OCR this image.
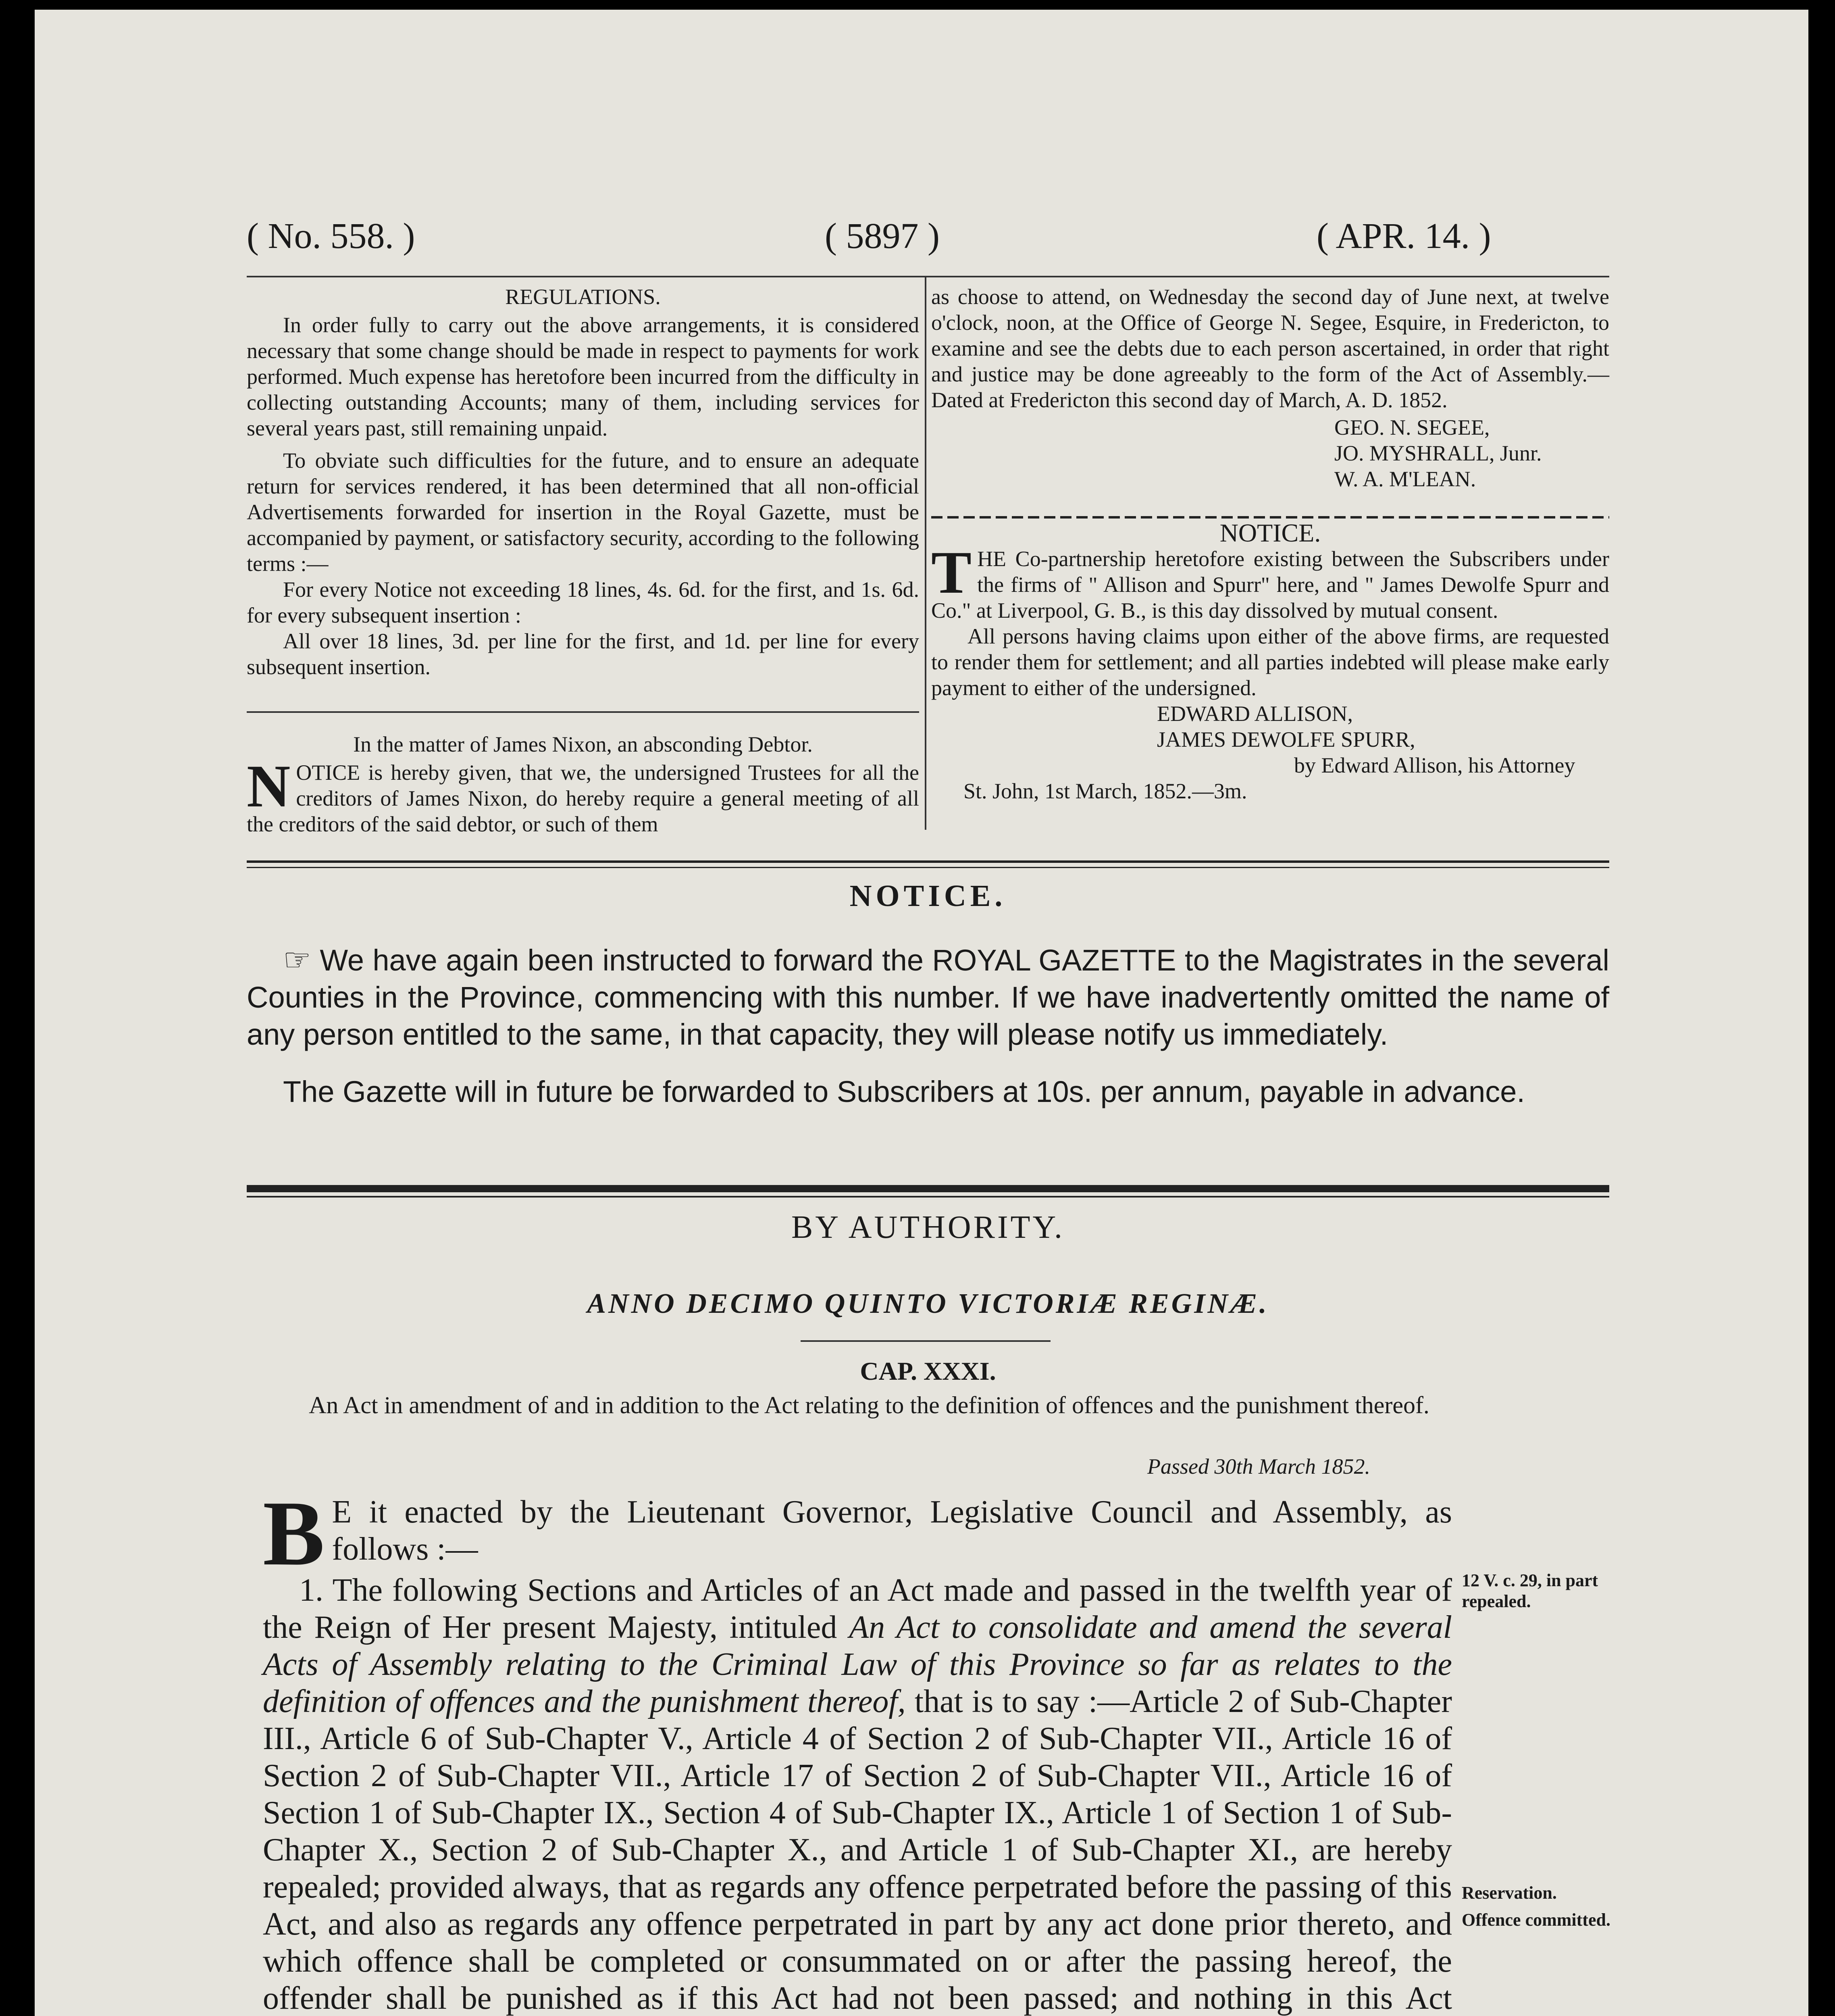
( No. 558. )	( 5897 )	( APR. 14. )
REGULATIONS.

In order fully to carry out the above arrangements, it is considered necessary that some change should be made in respect to payments for work performed. Much expense has heretofore been incurred from the difficulty in collecting outstanding Accounts; many of them, including services for several years past, still remaining unpaid.

To obviate such difficulties for the future, and to ensure an adequate return for services rendered, it has been determined that all non-official Advertisements forwarded for insertion in the Royal Gazette, must be accompanied by payment, or satisfactory security, according to the following terms :—

For every Notice not exceeding 18 lines, 4s. 6d. for the first, and 1s. 6d. for every subsequent insertion :

All over 18 lines, 3d. per line for the first, and 1d. per line for every subsequent insertion.

In the matter of James Nixon, an absconding Debtor.
N OTICE is hereby given, that we, the undersigned Trustees for all the creditors of James Nixon, do hereby require a general meeting of all the creditors of the said debtor, or such of them

as choose to attend, on Wednesday the second day of June next, at twelve o'clock, noon, at the Office of George N. Segee, Esquire, in Fredericton, to examine and see the debts due to each person ascertained, in order that right and justice may be done agreeably to the form of the Act of Assembly.—Dated at Fredericton this second day of March, A. D. 1852.

GEO. N. SEGEE,
JO. MYSHRALL, Junr.
W. A. M'LEAN.
NOTICE.
T HE Co-partnership heretofore existing between the Subscribers under the firms of " Allison and Spurr" here, and " James Dewolfe Spurr and Co." at Liverpool, G. B., is this day dissolved by mutual consent.

All persons having claims upon either of the above firms, are requested to render them for settlement; and all parties indebted will please make early payment to either of the undersigned.

EDWARD ALLISON,
JAMES DEWOLFE SPURR,
by Edward Allison, his Attorney
St. John, 1st March, 1852.—3m.
NOTICE.

☞ We have again been instructed to forward the ROYAL GAZETTE to the Magistrates in the several Counties in the Province, commencing with this number. If we have inadvertently omitted the name of any person entitled to the same, in that capacity, they will please notify us immediately.

The Gazette will in future be forwarded to Subscribers at 10s. per annum, payable in advance.

BY AUTHORITY.
ANNO DECIMO QUINTO VICTORIÆ REGINÆ.
CAP. XXXI.
An Act in amendment of and in addition to the Act relating to the definition of offences and the punishment thereof.
Passed 30th March 1852.
B E it enacted by the Lieutenant Governor, Legislative Council and Assembly, as follows :—

1. The following Sections and Articles of an Act made and passed in the twelfth year of the Reign of Her present Majesty, intituled An Act to consolidate and amend the several Acts of Assembly relating to the Criminal Law of this Province so far as relates to the definition of offences and the punishment thereof, that is to say :—Article 2 of Sub-Chapter III., Article 6 of Sub-Chapter V., Article 4 of Section 2 of Sub-Chapter VII., Article 16 of Section 2 of Sub-Chapter VII., Article 17 of Section 2 of Sub-Chapter VII., Article 16 of Section 1 of Sub-Chapter IX., Section 4 of Sub-Chapter IX., Article 1 of Section 1 of Sub-Chapter X., Section 2 of Sub-Chapter X., and Article 1 of Sub-Chapter XI., are hereby repealed; provided always, that as regards any offence perpetrated before the passing of this Act, and also as regards any offence perpetrated in part by any act done prior thereto, and which offence shall be completed or consummated on or after the passing hereof, the offender shall be punished as if this Act had not been passed; and nothing in this Act

12 V. c. 29, in part repealed.
Reservation.
Offence committed.
